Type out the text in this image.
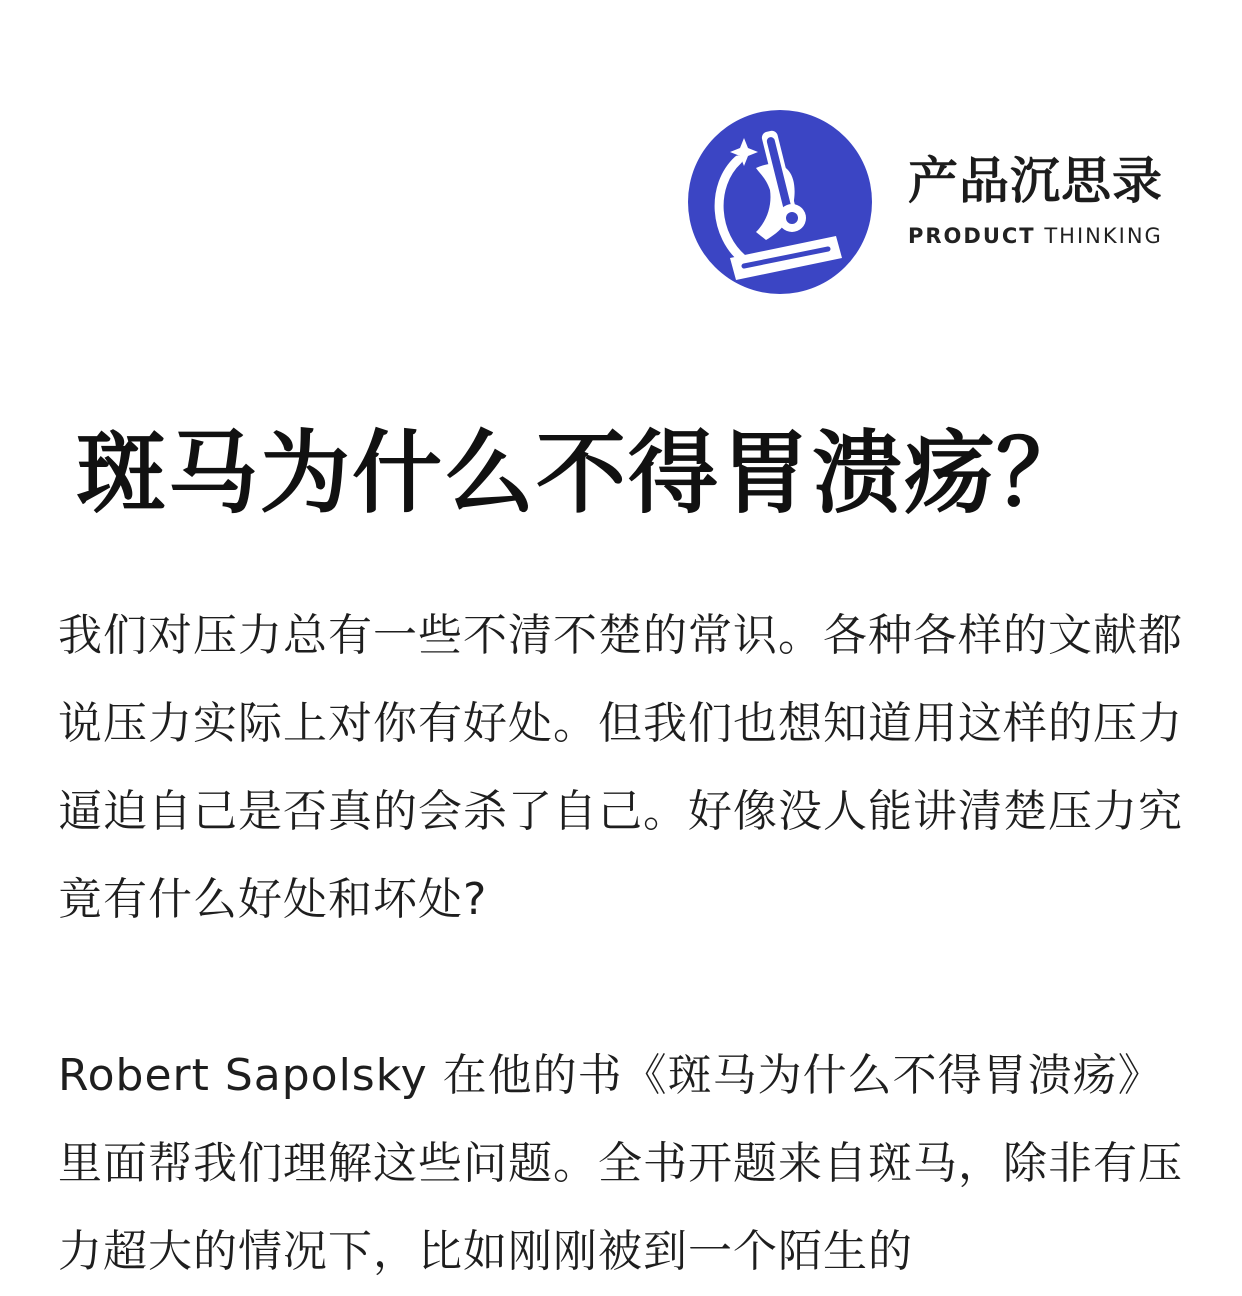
产品沉思录
PRODUCT THINKING
斑马为什么不得胃溃疡？

我们对压力总有一些不清不楚的常识。各种各样的文献都说压力实际上对你有好处。但我们也想知道用这样的压力逼迫自己是否真的会杀了自己。好像没人能讲清楚压力究竟有什么好处和坏处?

Robert Sapolsky 在他的书《斑马为什么不得胃溃疡》里面帮我们理解这些问题。全书开题来自斑马，除非有压力超大的情况下，比如刚刚被到一个陌生的
